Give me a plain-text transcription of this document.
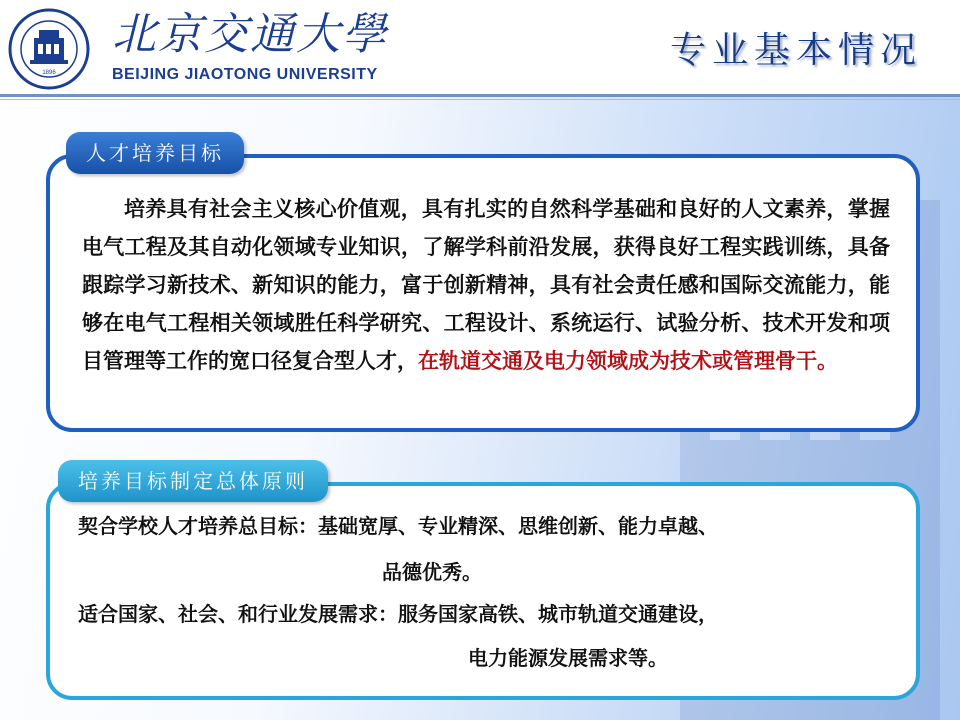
1896
北京交通大學
BEIJING JIAOTONG UNIVERSITY
专业基本情况
人才培养目标
培养具有社会主义核心价值观，具有扎实的自然科学基础和良好的人文素养，掌握电气工程及其自动化领域专业知识，了解学科前沿发展，获得良好工程实践训练，具备跟踪学习新技术、新知识的能力，富于创新精神，具有社会责任感和国际交流能力，能够在电气工程相关领域胜任科学研究、工程设计、系统运行、试验分析、技术开发和项目管理等工作的宽口径复合型人才，在轨道交通及电力领域成为技术或管理骨干。
培养目标制定总体原则
契合学校人才培养总目标：基础宽厚、专业精深、思维创新、能力卓越、
品德优秀。
适合国家、社会、和行业发展需求：服务国家高铁、城市轨道交通建设，
电力能源发展需求等。
